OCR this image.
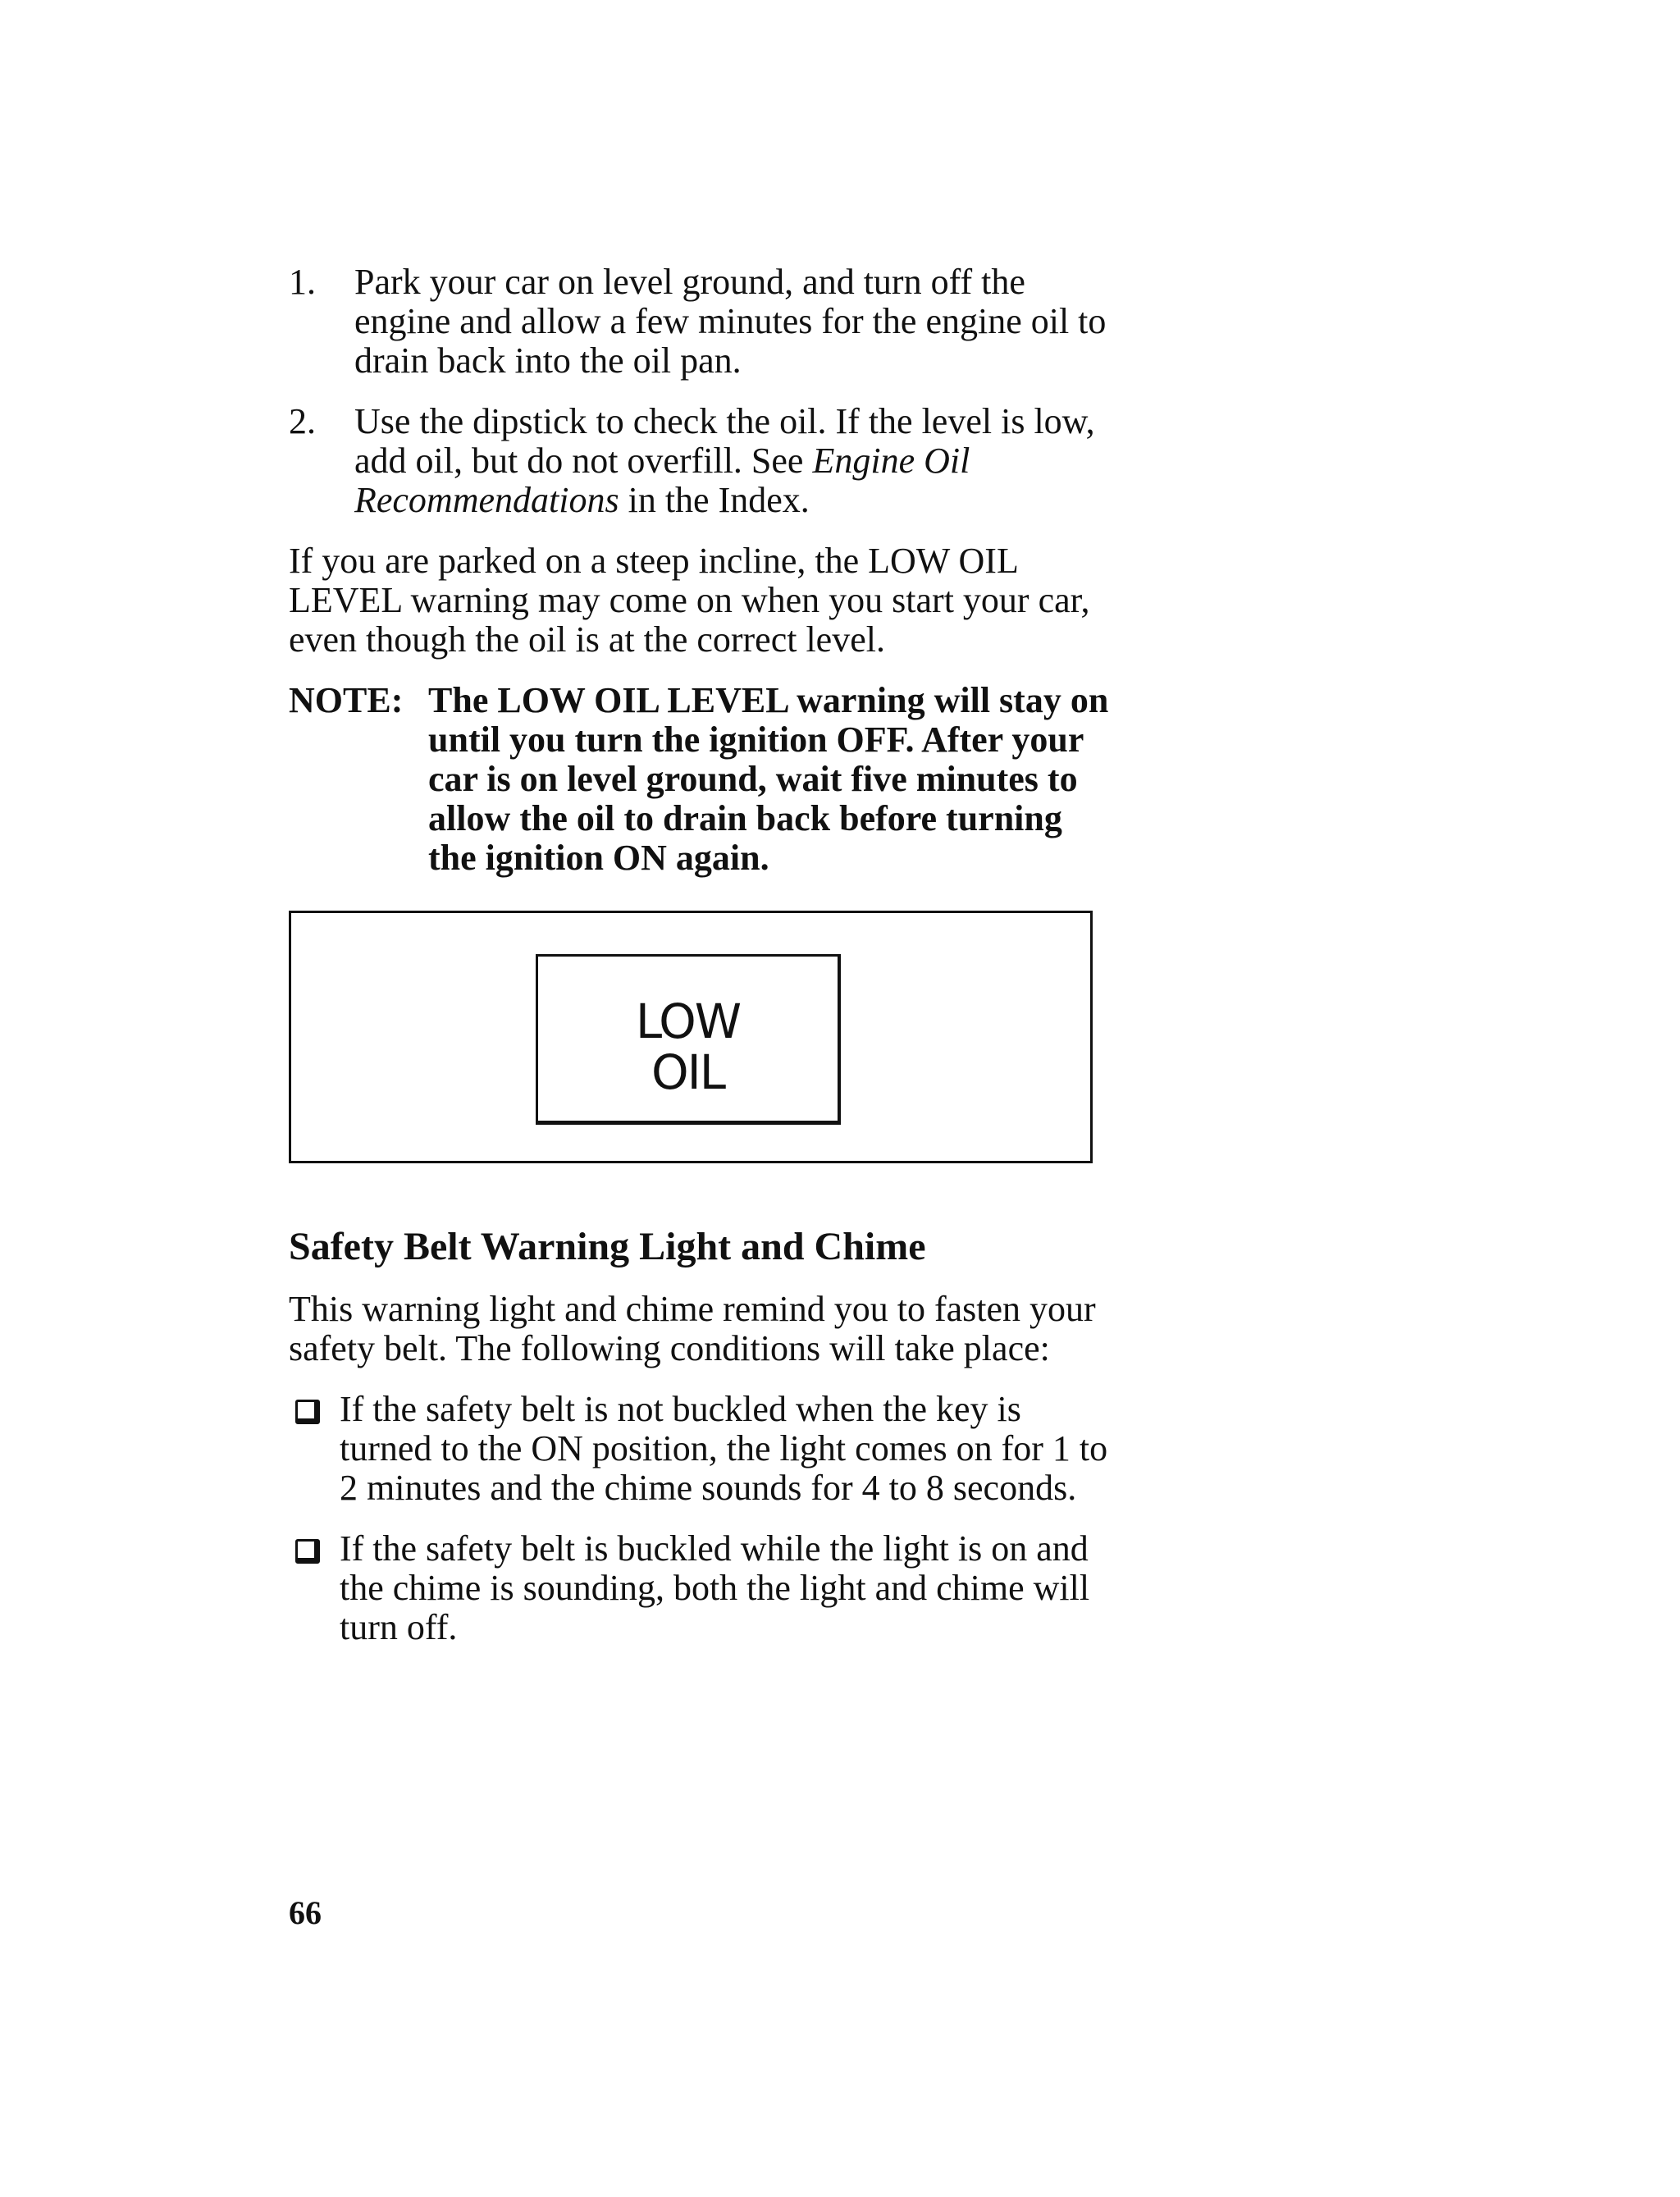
1.	Park your car on level ground, and turn off the engine and allow a few minutes for the engine oil to drain back into the oil pan.
2.	Use the dipstick to check the oil. If the level is low, add oil, but do not overfill. See Engine Oil Recommendations in the Index.

If you are parked on a steep incline, the LOW OIL LEVEL warning may come on when you start your car, even though the oil is at the correct level.

NOTE: The LOW OIL LEVEL warning will stay on until you turn the ignition OFF. After your car is on level ground, wait five minutes to allow the oil to drain back before turning the ignition ON again.
LOW
OIL
Safety Belt Warning Light and Chime

This warning light and chime remind you to fasten your safety belt. The following conditions will take place:

If the safety belt is not buckled when the key is turned to the ON position, the light comes on for 1 to 2 minutes and the chime sounds for 4 to 8 seconds.
If the safety belt is buckled while the light is on and the chime is sounding, both the light and chime will turn off.
66
